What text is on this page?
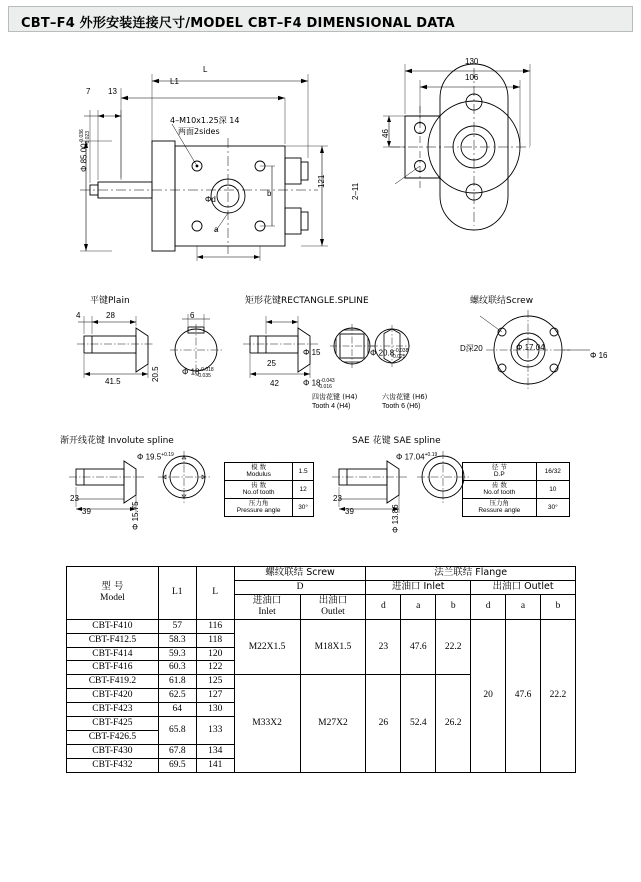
CBT–F4 外形安装连接尺寸/MODEL CBT–F4 DIMENSIONAL DATA
L
L1
7 13
Φ $85.00^{-0.036}_{-0.023}$
4–M10x1.25深 14
两面2sides
121
a
b
Φd
130
106
46
2–11
平键Plain
4	28
41.5	20.5
6
Φ $18^{-0.018}_{-0.035}$
矩形花键RECTANGLE.SPLINE
25
42
Φ 15
Φ $18^{-0.043}_{-0.016}$
Φ $20.8^{-0.038}_{-0.025}$
四齿花键 (H4)
Tooth 4 (H4)
六齿花键 (H6)
Tooth 6 (H6)
螺纹联结Screw
D深20	Φ 17.04
Φ 16
渐开线花键 Involute spline
23
39
Φ $19.5^{+0.19}$
Φ 15.75
模 数
Modulus	1.5

齿 数
No.of tooth	12

压力角
Pressure angle	30°
SAE 花键 SAE spline
23
39
Φ $17.04^{+0.19}$
Φ 13.86
径 节
D.P	16/32

齿 数
No.of tooth	10

压力角
Ressure angle	30°
型 号
Model	L1	L	螺纹联结 Screw		法兰联结 Flange					
			D		进油口 Inlet			出油口 Outlet		

进油口
Inlet

出油口
Outlet
	d	a	b	d	a	b
CBT-F410	57	116	M22X1.5	M18X1.5	23	47.6	22.2	20	47.6	22.2
CBT-F412.5	58.3	118								
CBT-F414	59.3	120								
CBT-F416	60.3	122								
CBT-F419.2	61.8	125	M33X2	M27X2	26	52.4	26.2			
CBT-F420	62.5	127								
CBT-F423	64	130								
CBT-F425	65.8	133								
CBT-F426.5										
CBT-F430	67.8	134								
CBT-F432	69.5	141								
